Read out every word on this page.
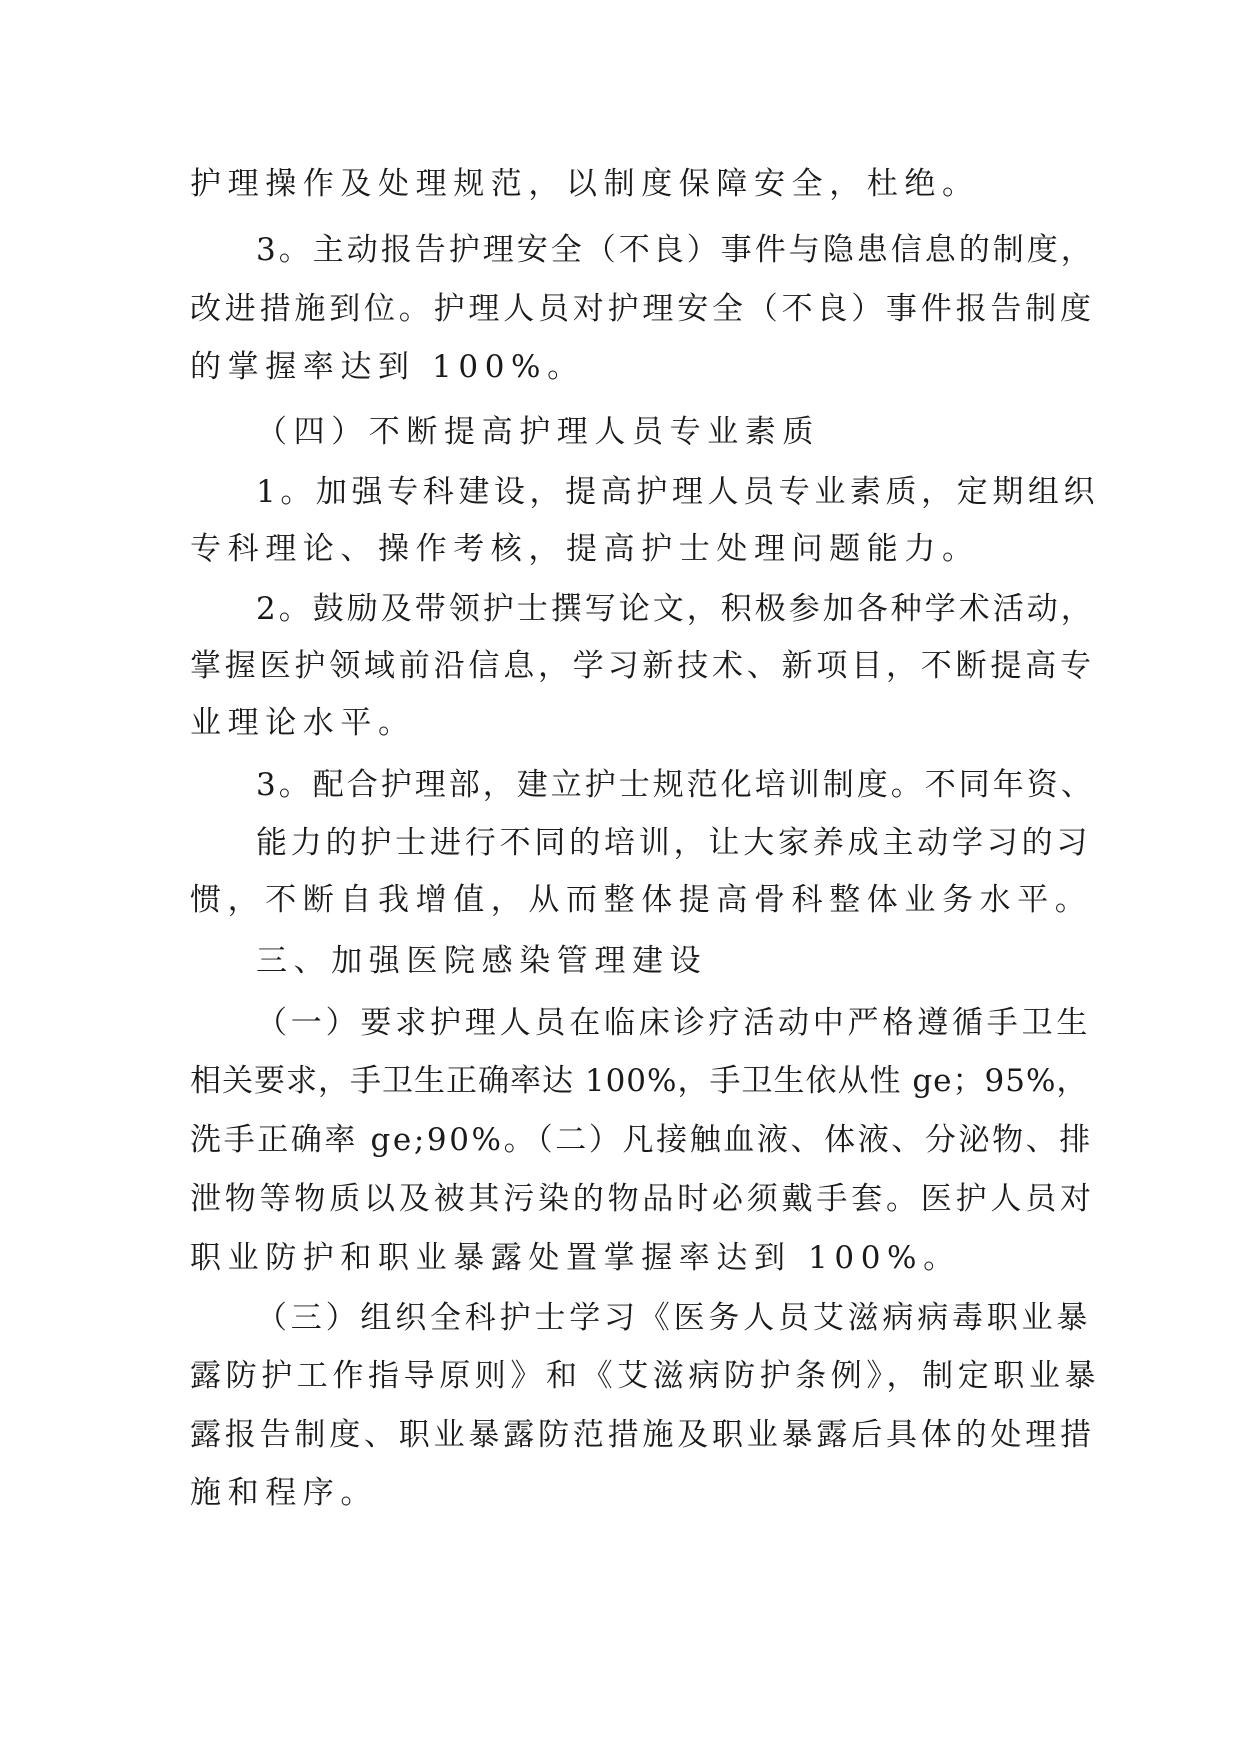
护理操作及处理规范，以制度保障安全，杜绝。
3。主动报告护理安全（不良）事件与隐患信息的制度，
改进措施到位。护理人员对护理安全（不良）事件报告制度
的掌握率达到 100%。
（四）不断提高护理人员专业素质
1。加强专科建设，提高护理人员专业素质，定期组织
专科理论、操作考核，提高护士处理问题能力。
2。鼓励及带领护士撰写论文，积极参加各种学术活动，
掌握医护领域前沿信息，学习新技术、新项目，不断提高专
业理论水平。
3。配合护理部，建立护士规范化培训制度。不同年资、
能力的护士进行不同的培训，让大家养成主动学习的习
惯，不断自我增值，从而整体提高骨科整体业务水平。
三、加强医院感染管理建设
（一）要求护理人员在临床诊疗活动中严格遵循手卫生
相关要求，手卫生正确率达 100%，手卫生依从性 ge；95%，
洗手正确率 ge;90%。（二）凡接触血液、体液、分泌物、排
泄物等物质以及被其污染的物品时必须戴手套。医护人员对
职业防护和职业暴露处置掌握率达到 100%。
（三）组织全科护士学习《医务人员艾滋病病毒职业暴
露防护工作指导原则》和《艾滋病防护条例》，制定职业暴
露报告制度、职业暴露防范措施及职业暴露后具体的处理措
施和程序。
